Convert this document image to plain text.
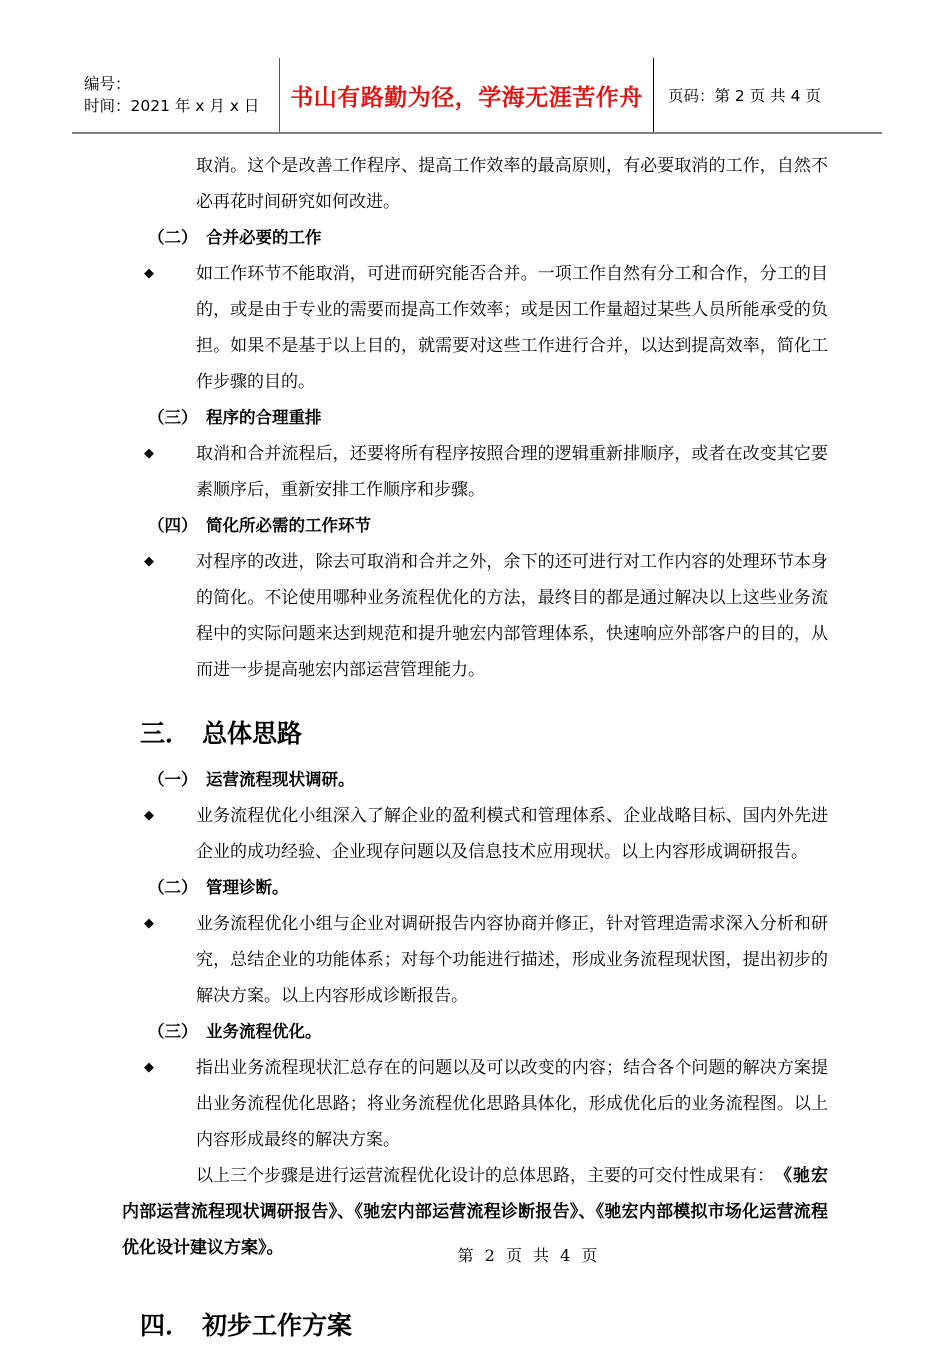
编号：
时间：2021 年 x 月 x 日	书山有路勤为径，学海无涯苦作舟 页码：第 2 页 共 4 页
取消。这个是改善工作程序、提高工作效率的最高原则，有必要取消的工作，自然不必再花时间研究如何改进。
（二） 合并必要的工作
◆ 如工作环节不能取消，可进而研究能否合并。一项工作自然有分工和合作，分工的目的，或是由于专业的需要而提高工作效率；或是因工作量超过某些人员所能承受的负担。如果不是基于以上目的，就需要对这些工作进行合并，以达到提高效率，简化工作步骤的目的。
（三） 程序的合理重排
◆ 取消和合并流程后，还要将所有程序按照合理的逻辑重新排顺序，或者在改变其它要素顺序后，重新安排工作顺序和步骤。
（四） 简化所必需的工作环节
◆ 对程序的改进，除去可取消和合并之外，余下的还可进行对工作内容的处理环节本身的简化。不论使用哪种业务流程优化的方法，最终目的都是通过解决以上这些业务流程中的实际问题来达到规范和提升驰宏内部管理体系，快速响应外部客户的目的，从而进一步提高驰宏内部运营管理能力。
三． 总体思路
（一） 运营流程现状调研。
◆ 业务流程优化小组深入了解企业的盈利模式和管理体系、企业战略目标、国内外先进企业的成功经验、企业现存问题以及信息技术应用现状。以上内容形成调研报告。
（二） 管理诊断。
◆ 业务流程优化小组与企业对调研报告内容协商并修正，针对管理造需求深入分析和研究，总结企业的功能体系；对每个功能进行描述，形成业务流程现状图，提出初步的解决方案。以上内容形成诊断报告。
（三） 业务流程优化。
◆ 指出业务流程现状汇总存在的问题以及可以改变的内容；结合各个问题的解决方案提出业务流程优化思路；将业务流程优化思路具体化，形成优化后的业务流程图。以上内容形成最终的解决方案。
以上三个步骤是进行运营流程优化设计的总体思路，主要的可交付性成果有：《驰宏内部运营流程现状调研报告》、《驰宏内部运营流程诊断报告》、《驰宏内部模拟市场化运营流程优化设计建议方案》。
四． 初步工作方案
第 2 页 共 4 页
